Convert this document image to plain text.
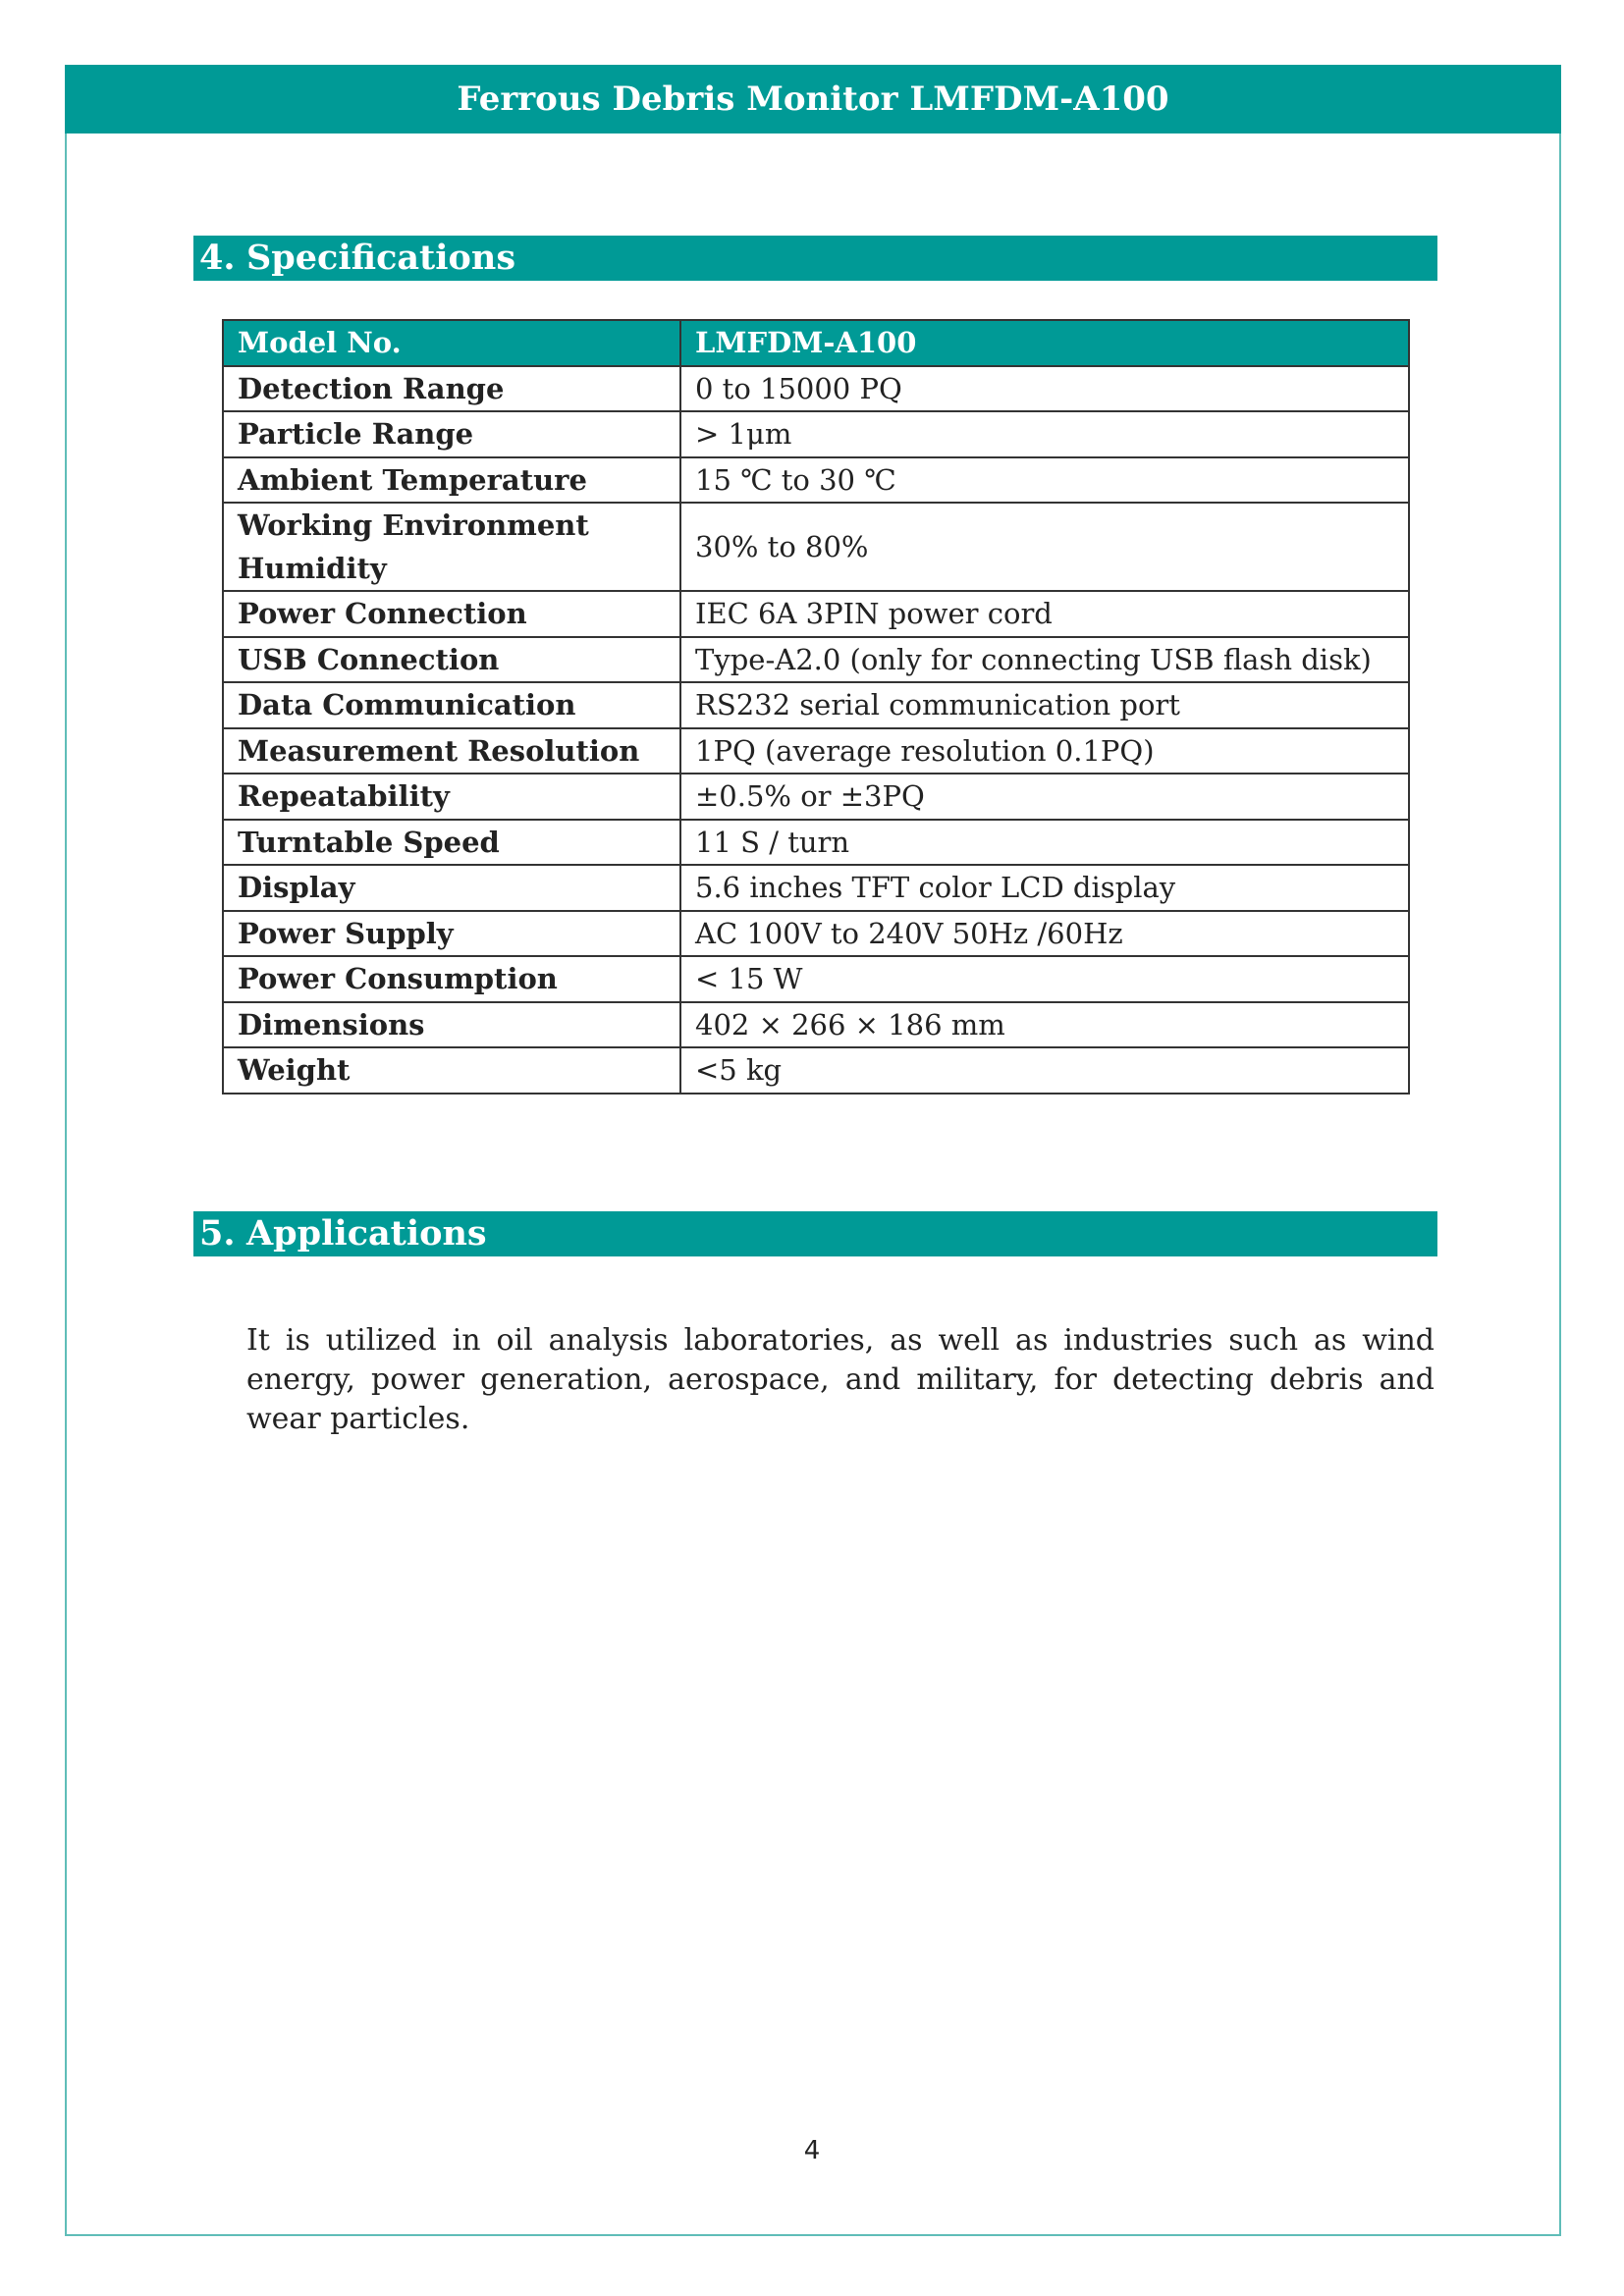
Ferrous Debris Monitor LMFDM-A100
4. Specifications
Model No.	LMFDM-A100
Detection Range	0 to 15000 PQ
Particle Range	> 1μm
Ambient Temperature	15 ℃ to 30 ℃
Working Environment Humidity	30% to 80%
Power Connection	IEC 6A 3PIN power cord
USB Connection	Type-A2.0 (only for connecting USB flash disk)
Data Communication	RS232 serial communication port
Measurement Resolution	1PQ (average resolution 0.1PQ)
Repeatability	±0.5% or ±3PQ
Turntable Speed	11 S / turn
Display	5.6 inches TFT color LCD display
Power Supply	AC 100V to 240V 50Hz /60Hz
Power Consumption	< 15 W
Dimensions	402 × 266 × 186 mm
Weight	<5 kg
5. Applications

It is utilized in oil analysis laboratories, as well as industries such as wind energy, power generation, aerospace, and military, for detecting debris and wear particles.

4
